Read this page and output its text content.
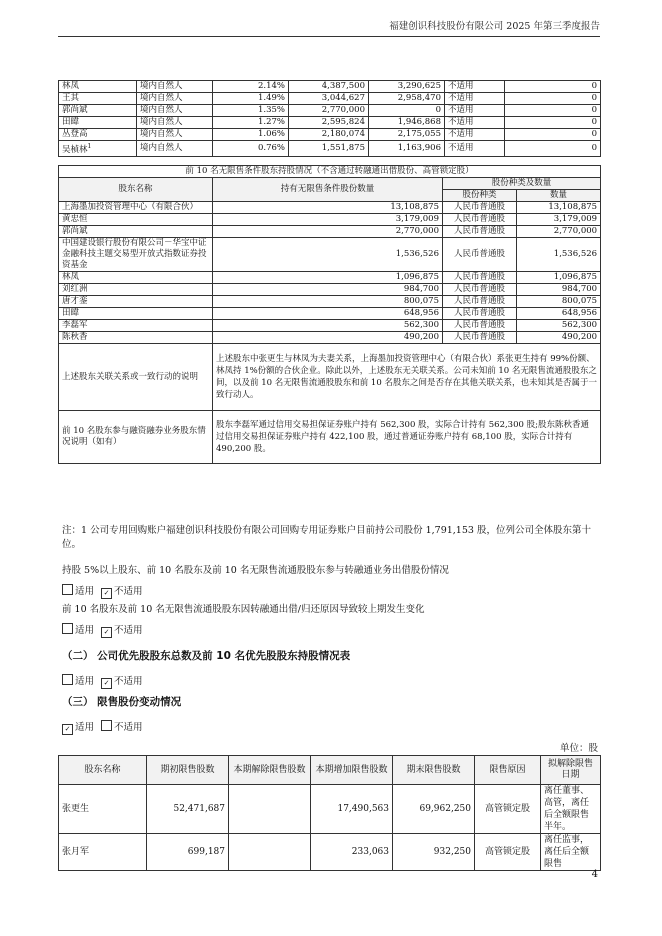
福建创识科技股份有限公司 2025 年第三季度报告
林凤	境内自然人	2.14%	4,387,500	3,290,625	不适用	0
王其	境内自然人	1.49%	3,044,627	2,958,470	不适用	0
郭尚斌	境内自然人	1.35%	2,770,000	0	不适用	0
田暐	境内自然人	1.27%	2,595,824	1,946,868	不适用	0
丛登高	境内自然人	1.06%	2,180,074	2,175,055	不适用	0
吴楨林$^1$	境内自然人	0.76%	1,551,875	1,163,906	不适用	0
前 10 名无限售条件股东持股情况（不含通过转融通出借股份、高管锁定股）			
股东名称	持有无限售条件股份数量	股份种类及数量	
		股份种类	数量
上海墨加投资管理中心（有限合伙）	13,108,875	人民币普通股	13,108,875
黄忠恒	3,179,009	人民币普通股	3,179,009
郭尚斌	2,770,000	人民币普通股	2,770,000
中国建设银行股份有限公司－华宝中证金融科技主题交易型开放式指数证券投资基金	1,536,526	人民币普通股	1,536,526
林凤	1,096,875	人民币普通股	1,096,875
刘红洲	984,700	人民币普通股	984,700
唐才銮	800,075	人民币普通股	800,075
田暐	648,956	人民币普通股	648,956
李磊军	562,300	人民币普通股	562,300
陈秋香	490,200	人民币普通股	490,200
上述股东关联关系或一致行动的说明	上述股东中张更生与林凤为夫妻关系，上海墨加投资管理中心（有限合伙）系张更生持有 99%份额、林凤持 1%份额的合伙企业。除此以外，上述股东无关联关系。公司未知前 10 名无限售流通股股东之间，以及前 10 名无限售流通股股东和前 10 名股东之间是否存在其他关联关系，也未知其是否属于一致行动人。		
前 10 名股东参与融资融券业务股东情况说明（如有）	股东李磊军通过信用交易担保证券账户持有 562,300 股，实际合计持有 562,300 股;股东陈秋香通过信用交易担保证券账户持有 422,100 股，通过普通证券账户持有 68,100 股，实际合计持有 490,200 股。		
注：1 公司专用回购账户福建创识科技股份有限公司回购专用证券账户目前持公司股份 1,791,153 股，位列公司全体股东第十位。
持股 5%以上股东、前 10 名股东及前 10 名无限售流通股股东参与转融通业务出借股份情况
适用 ✓ 不适用
前 10 名股东及前 10 名无限售流通股股东因转融通出借/归还原因导致较上期发生变化
适用 ✓ 不适用
（二） 公司优先股股东总数及前 10 名优先股股东持股情况表
适用 ✓ 不适用
（三） 限售股份变动情况
✓ 适用 不适用
单位：股
股东名称	期初限售股数	本期解除限售股数	本期增加限售股数	期末限售股数	限售原因	拟解除限售日期
张更生	52,471,687		17,490,563	69,962,250	高管锁定股	离任董事、高管，离任后全额限售半年。
张月军	699,187		233,063	932,250	高管锁定股	离任监事，离任后全额限售
4
